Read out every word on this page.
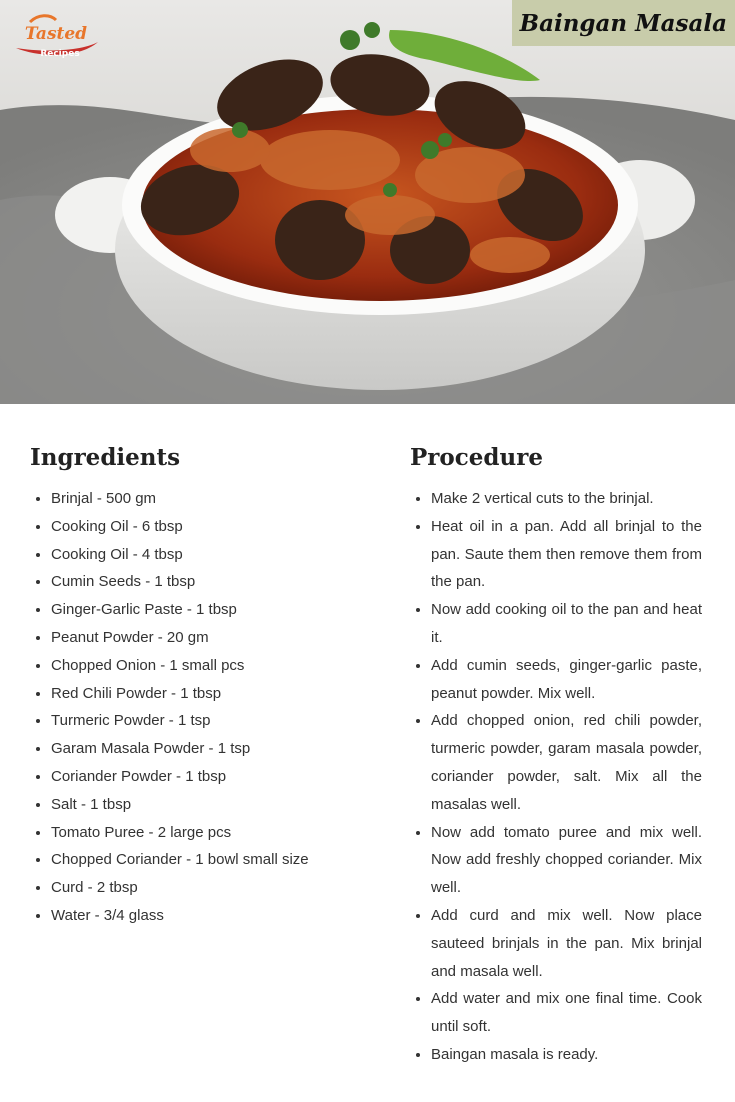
Tasted
Recipes
Baingan Masala
Ingredients
• Brinjal - 500 gm
• Cooking Oil - 6 tbsp
• Cooking Oil - 4 tbsp
• Cumin Seeds - 1 tbsp
• Ginger-Garlic Paste - 1 tbsp
• Peanut Powder - 20 gm
• Chopped Onion - 1 small pcs
• Red Chili Powder - 1 tbsp
• Turmeric Powder - 1 tsp
• Garam Masala Powder - 1 tsp
• Coriander Powder - 1 tbsp
• Salt - 1 tbsp
• Tomato Puree - 2 large pcs
• Chopped Coriander - 1 bowl small size
• Curd - 2 tbsp
• Water - 3/4 glass
Procedure
• Make 2 vertical cuts to the brinjal.
• Heat oil in a pan. Add all brinjal to the pan. Saute them then remove them from the pan.
• Now add cooking oil to the pan and heat it.
• Add cumin seeds, ginger-garlic paste, peanut powder. Mix well.
• Add chopped onion, red chili powder, turmeric powder, garam masala powder, coriander powder, salt. Mix all the masalas well.
• Now add tomato puree and mix well. Now add freshly chopped coriander. Mix well.
• Add curd and mix well. Now place sauteed brinjals in the pan. Mix brinjal and masala well.
• Add water and mix one final time. Cook until soft.
• Baingan masala is ready.
